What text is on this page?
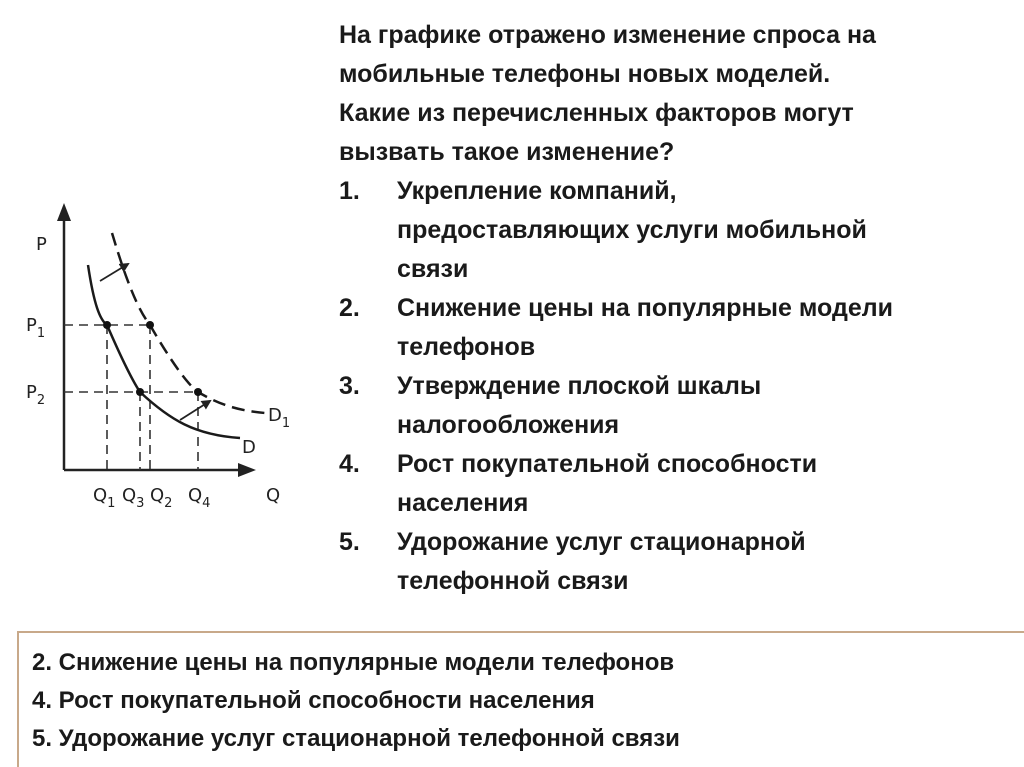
На графике отражено изменение спроса на
мобильные телефоны новых моделей.
Какие из перечисленных факторов могут
вызвать такое изменение?

1. Укрепление компаний,
предоставляющих услуги мобильной
связи
2. Снижение цены на популярные модели
телефонов
3. Утверждение плоской шкалы
налогообложения
4. Рост покупательной способности
населения
5. Удорожание услуг стационарной
телефонной связи
P
Q
$P_1$
$P_2$
$Q_1$ $Q_3$ $Q_2$ $Q_4$
D
$D_1$
2. Снижение цены на популярные модели телефонов
4. Рост покупательной способности населения
5. Удорожание услуг стационарной телефонной связи
